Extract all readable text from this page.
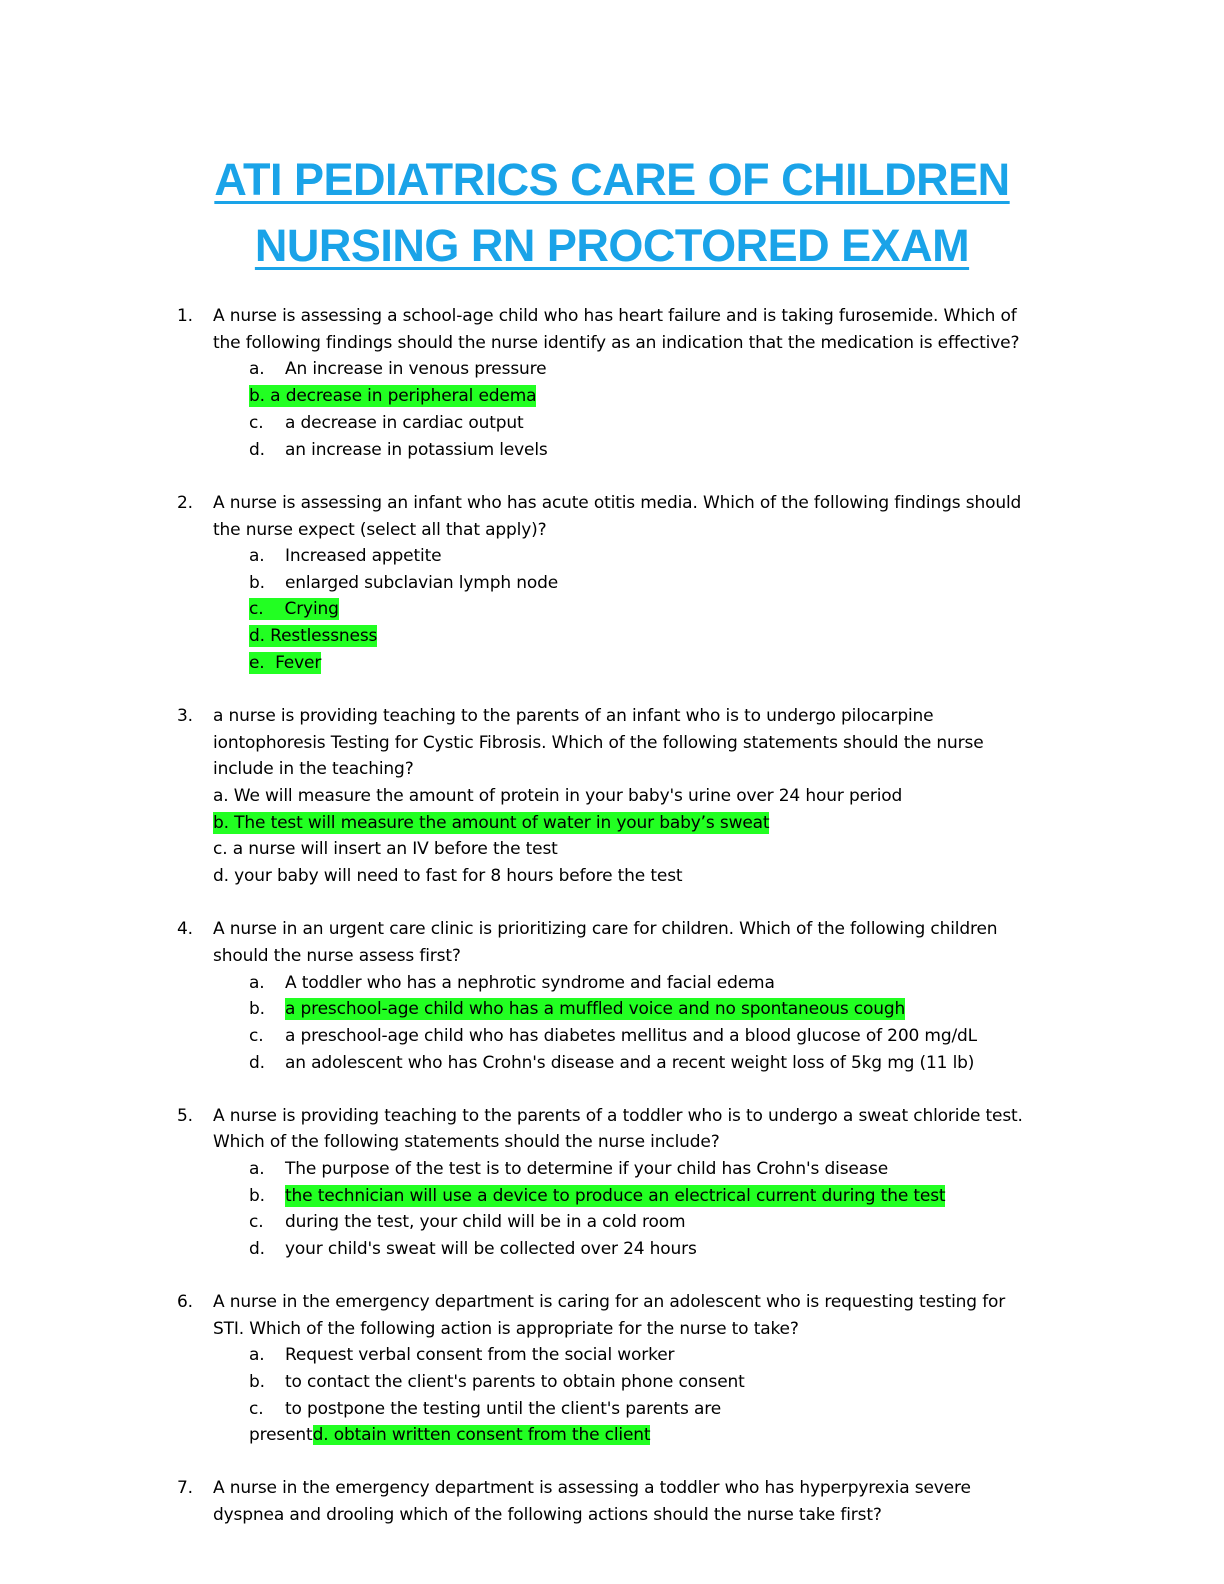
ATI PEDIATRICS CARE OF CHILDREN
NURSING RN PROCTORED EXAM
1. A nurse is assessing a school-age child who has heart failure and is taking furosemide. Which of
the following findings should the nurse identify as an indication that the medication is effective?
a. An increase in venous pressure
b. a decrease in peripheral edema
c. a decrease in cardiac output
d. an increase in potassium levels
2. A nurse is assessing an infant who has acute otitis media. Which of the following findings should
the nurse expect (select all that apply)?
a. Increased appetite
b. enlarged subclavian lymph node
c. Crying
d. Restlessness
e. Fever
3. a nurse is providing teaching to the parents of an infant who is to undergo pilocarpine
iontophoresis Testing for Cystic Fibrosis. Which of the following statements should the nurse
include in the teaching?
a. We will measure the amount of protein in your baby's urine over 24 hour period
b. The test will measure the amount of water in your baby’s sweat
c. a nurse will insert an IV before the test
d. your baby will need to fast for 8 hours before the test
4. A nurse in an urgent care clinic is prioritizing care for children. Which of the following children
should the nurse assess first?
a. A toddler who has a nephrotic syndrome and facial edema
b. a preschool-age child who has a muffled voice and no spontaneous cough
c. a preschool-age child who has diabetes mellitus and a blood glucose of 200 mg/dL
d. an adolescent who has Crohn's disease and a recent weight loss of 5kg mg (11 lb)
5. A nurse is providing teaching to the parents of a toddler who is to undergo a sweat chloride test.
Which of the following statements should the nurse include?
a. The purpose of the test is to determine if your child has Crohn's disease
b. the technician will use a device to produce an electrical current during the test
c. during the test, your child will be in a cold room
d. your child's sweat will be collected over 24 hours
6. A nurse in the emergency department is caring for an adolescent who is requesting testing for
STI. Which of the following action is appropriate for the nurse to take?
a. Request verbal consent from the social worker
b. to contact the client's parents to obtain phone consent
c. to postpone the testing until the client's parents are
presentd. obtain written consent from the client
7. A nurse in the emergency department is assessing a toddler who has hyperpyrexia severe
dyspnea and drooling which of the following actions should the nurse take first?
